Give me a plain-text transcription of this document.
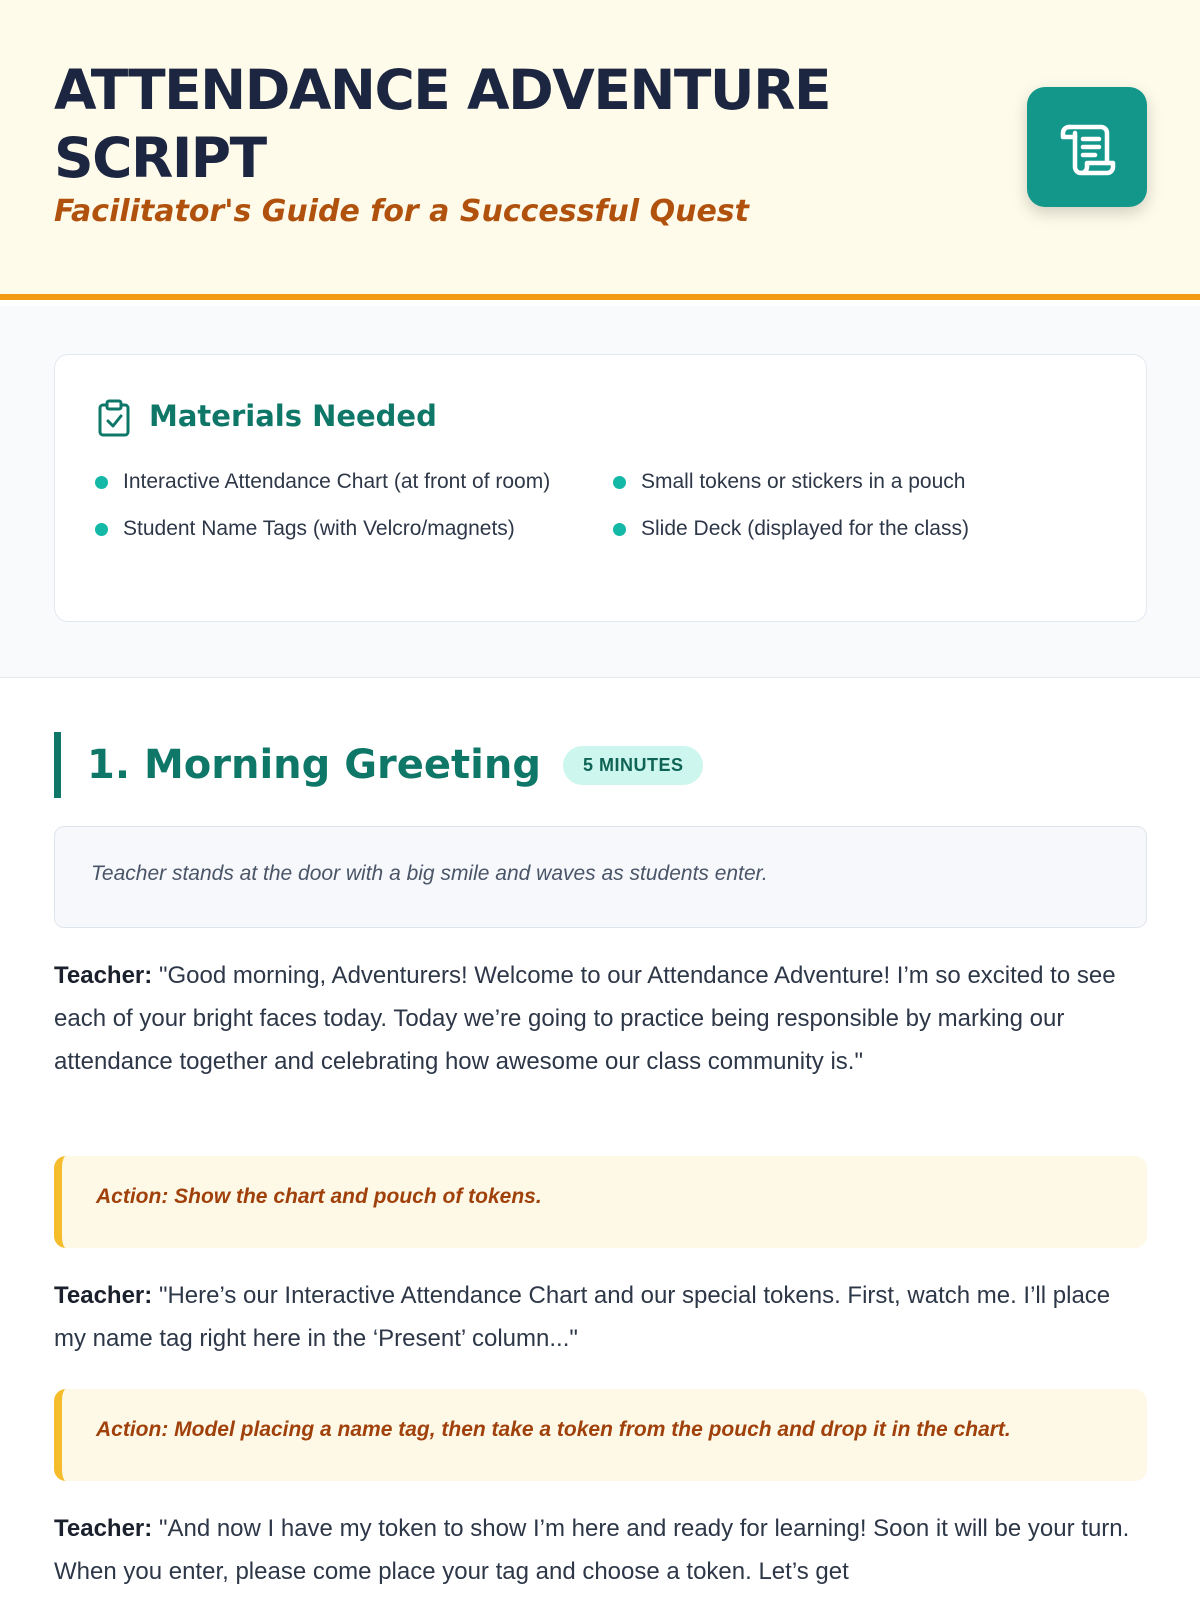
ATTENDANCE ADVENTURE SCRIPT
Facilitator's Guide for a Successful Quest
Materials Needed
Interactive Attendance Chart (at front of room)
Student Name Tags (with Velcro/magnets)
Small tokens or stickers in a pouch
Slide Deck (displayed for the class)
1. Morning Greeting	5 MINUTES
Teacher stands at the door with a big smile and waves as students enter.

Teacher: "Good morning, Adventurers! Welcome to our Attendance Adventure! I’m so excited to see each of your bright faces today. Today we’re going to practice being responsible by marking our attendance together and celebrating how awesome our class community is."

Action: Show the chart and pouch of tokens.

Teacher: "Here’s our Interactive Attendance Chart and our special tokens. First, watch me. I’ll place my name tag right here in the ‘Present’ column..."

Action: Model placing a name tag, then take a token from the pouch and drop it in the chart.

Teacher: "And now I have my token to show I’m here and ready for learning! Soon it will be your turn. When you enter, please come place your tag and choose a token. Let’s get
